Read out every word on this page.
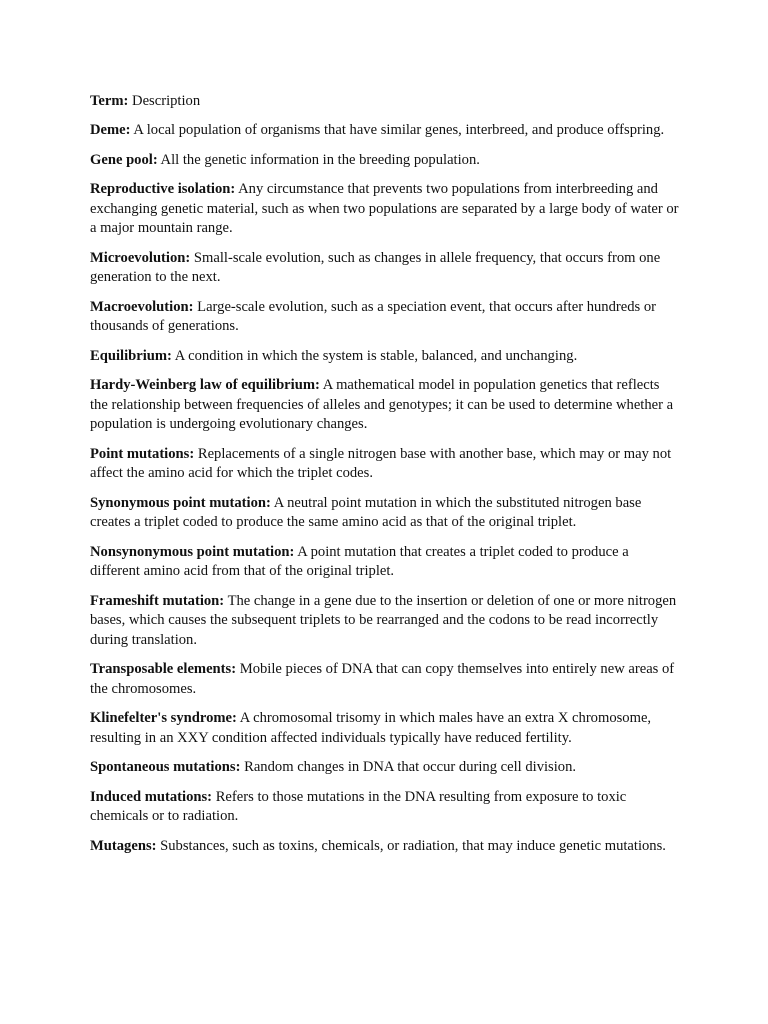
Term: Description

Deme: A local population of organisms that have similar genes, interbreed, and produce offspring.

Gene pool: All the genetic information in the breeding population.

Reproductive isolation: Any circumstance that prevents two populations from interbreeding and exchanging genetic material, such as when two populations are separated by a large body of water or a major mountain range.

Microevolution: Small-scale evolution, such as changes in allele frequency, that occurs from one generation to the next.

Macroevolution: Large-scale evolution, such as a speciation event, that occurs after hundreds or thousands of generations.

Equilibrium: A condition in which the system is stable, balanced, and unchanging.

Hardy-Weinberg law of equilibrium: A mathematical model in population genetics that reflects the relationship between frequencies of alleles and genotypes; it can be used to determine whether a population is undergoing evolutionary changes.

Point mutations: Replacements of a single nitrogen base with another base, which may or may not affect the amino acid for which the triplet codes.

Synonymous point mutation: A neutral point mutation in which the substituted nitrogen base creates a triplet coded to produce the same amino acid as that of the original triplet.

Nonsynonymous point mutation: A point mutation that creates a triplet coded to produce a different amino acid from that of the original triplet.

Frameshift mutation: The change in a gene due to the insertion or deletion of one or more nitrogen bases, which causes the subsequent triplets to be rearranged and the codons to be read incorrectly during translation.

Transposable elements: Mobile pieces of DNA that can copy themselves into entirely new areas of the chromosomes.

Klinefelter's syndrome: A chromosomal trisomy in which males have an extra X chromosome, resulting in an XXY condition affected individuals typically have reduced fertility.

Spontaneous mutations: Random changes in DNA that occur during cell division.

Induced mutations: Refers to those mutations in the DNA resulting from exposure to toxic chemicals or to radiation.

Mutagens: Substances, such as toxins, chemicals, or radiation, that may induce genetic mutations.
